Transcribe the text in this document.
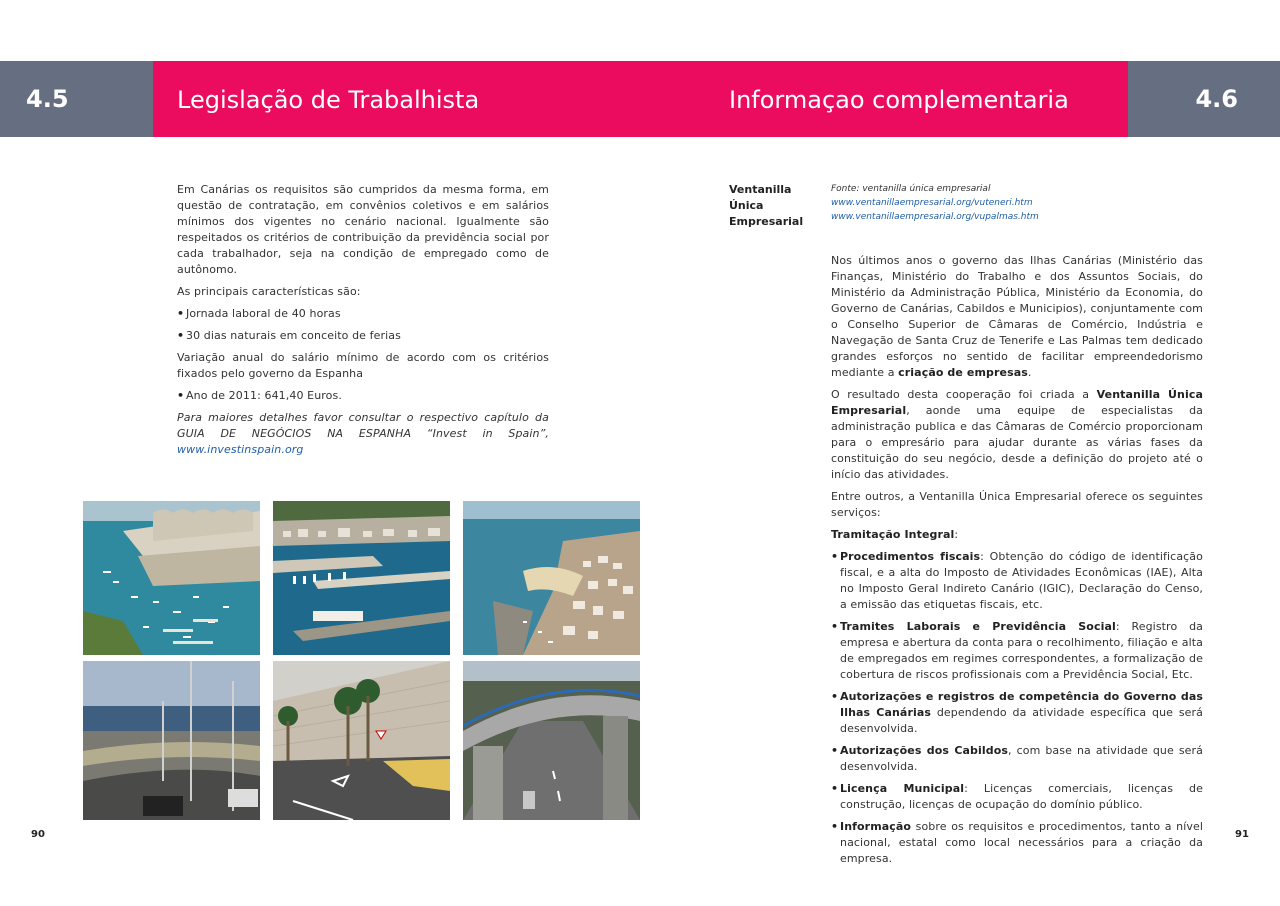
4.5	Legislação de Trabalhista	Informaçao complementaria	4.6

Em Canárias os requisitos são cumpridos da mesma forma, em questão de contratação, em convênios coletivos e em salários mínimos dos vigentes no cenário nacional. Igualmente são respeitados os critérios de contribuição da previdência social por cada trabalhador, seja na condição de empregado como de autônomo.

As principais características são:

• Jornada laboral de 40 horas

• 30 dias naturais em conceito de ferias

Variação anual do salário mínimo de acordo com os critérios fixados pelo governo da Espanha

• Ano de 2011: 641,40 Euros.

Para maiores detalhes favor consultar o respectivo capítulo da GUIA DE NEGÓCIOS NA ESPANHA “Invest in Spain”, www.investinspain.org

Ventanilla
Única
Empresarial
Fonte: ventanilla única empresarial
www.ventanillaempresarial.org/vuteneri.htm
www.ventanillaempresarial.org/vupalmas.htm

Nos últimos anos o governo das Ilhas Canárias (Ministério das Finanças, Ministério do Trabalho e dos Assuntos Sociais, do Ministério da Administração Pública, Ministério da Economia, do Governo de Canárias, Cabildos e Municipios), conjuntamente com o Conselho Superior de Câmaras de Comércio, Indústria e Navegação de Santa Cruz de Tenerife e Las Palmas tem dedicado grandes esforços no sentido de facilitar empreendedorismo mediante a criação de empresas.

O resultado desta cooperação foi criada a Ventanilla Única Empresarial, aonde uma equipe de especialistas da administração publica e das Câmaras de Comércio proporcionam para o empresário para ajudar durante as várias fases da constituição do seu negócio, desde a definição do projeto até o início das atividades.

Entre outros, a Ventanilla Única Empresarial oferece os seguintes serviços:

Tramitação Integral:

• Procedimentos fiscais: Obtenção do código de identificação fiscal, e a alta do Imposto de Atividades Econômicas (IAE), Alta no Imposto Geral Indireto Canário (IGIC), Declaração do Censo, a emissão das etiquetas fiscais, etc.

• Tramites Laborais e Previdência Social: Registro da empresa e abertura da conta para o recolhimento, filiação e alta de empregados em regimes correspondentes, a formalização de cobertura de riscos profissionais com a Previdência Social, Etc.

• Autorizações e registros de competência do Governo das Ilhas Canárias dependendo da atividade específica que será desenvolvida.

• Autorizações dos Cabildos, com base na atividade que será desenvolvida.

• Licença Municipal: Licenças comerciais, licenças de construção, licenças de ocupação do domínio público.

• Informação sobre os requisitos e procedimentos, tanto a nível nacional, estatal como local necessários para a criação da empresa.

90	91
